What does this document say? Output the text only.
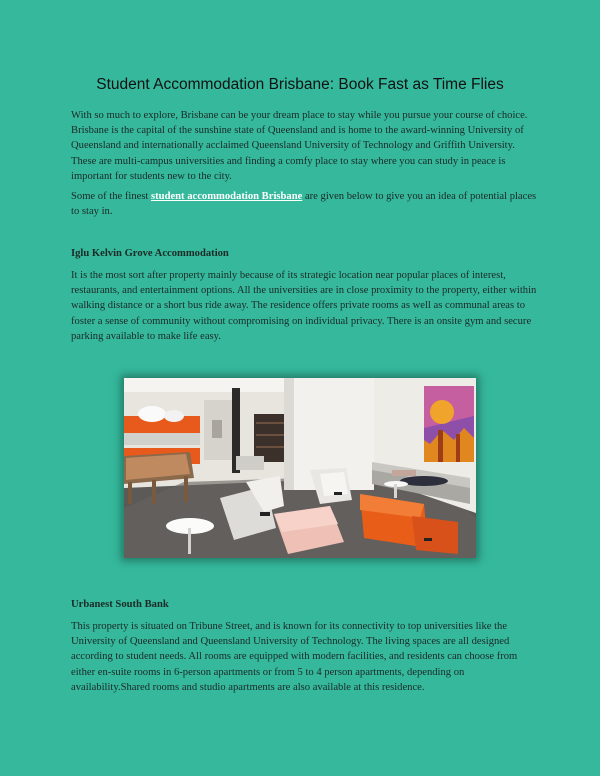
Student Accommodation Brisbane: Book Fast as Time Flies

With so much to explore, Brisbane can be your dream place to stay while you pursue your course of choice. Brisbane is the capital of the sunshine state of Queensland and is home to the award-winning University of Queensland and internationally acclaimed Queensland University of Technology and Griffith University. These are multi-campus universities and finding a comfy place to stay where you can study in peace is important for students new to the city.

Some of the finest student accommodation Brisbane are given below to give you an idea of potential places to stay in.

Iglu Kelvin Grove Accommodation

It is the most sort after property mainly because of its strategic location near popular places of interest, restaurants, and entertainment options. All the universities are in close proximity to the property, either within walking distance or a short bus ride away. The residence offers private rooms as well as communal areas to foster a sense of community without compromising on individual privacy. There is an onsite gym and secure parking available to make life easy.

Urbanest South Bank

This property is situated on Tribune Street, and is known for its connectivity to top universities like the University of Queensland and Queensland University of Technology. The living spaces are all designed according to student needs. All rooms are equipped with modern facilities, and residents can choose from either en-suite rooms in 6-person apartments or from 5 to 4 person apartments, depending on availability.Shared rooms and studio apartments are also available at this residence.
